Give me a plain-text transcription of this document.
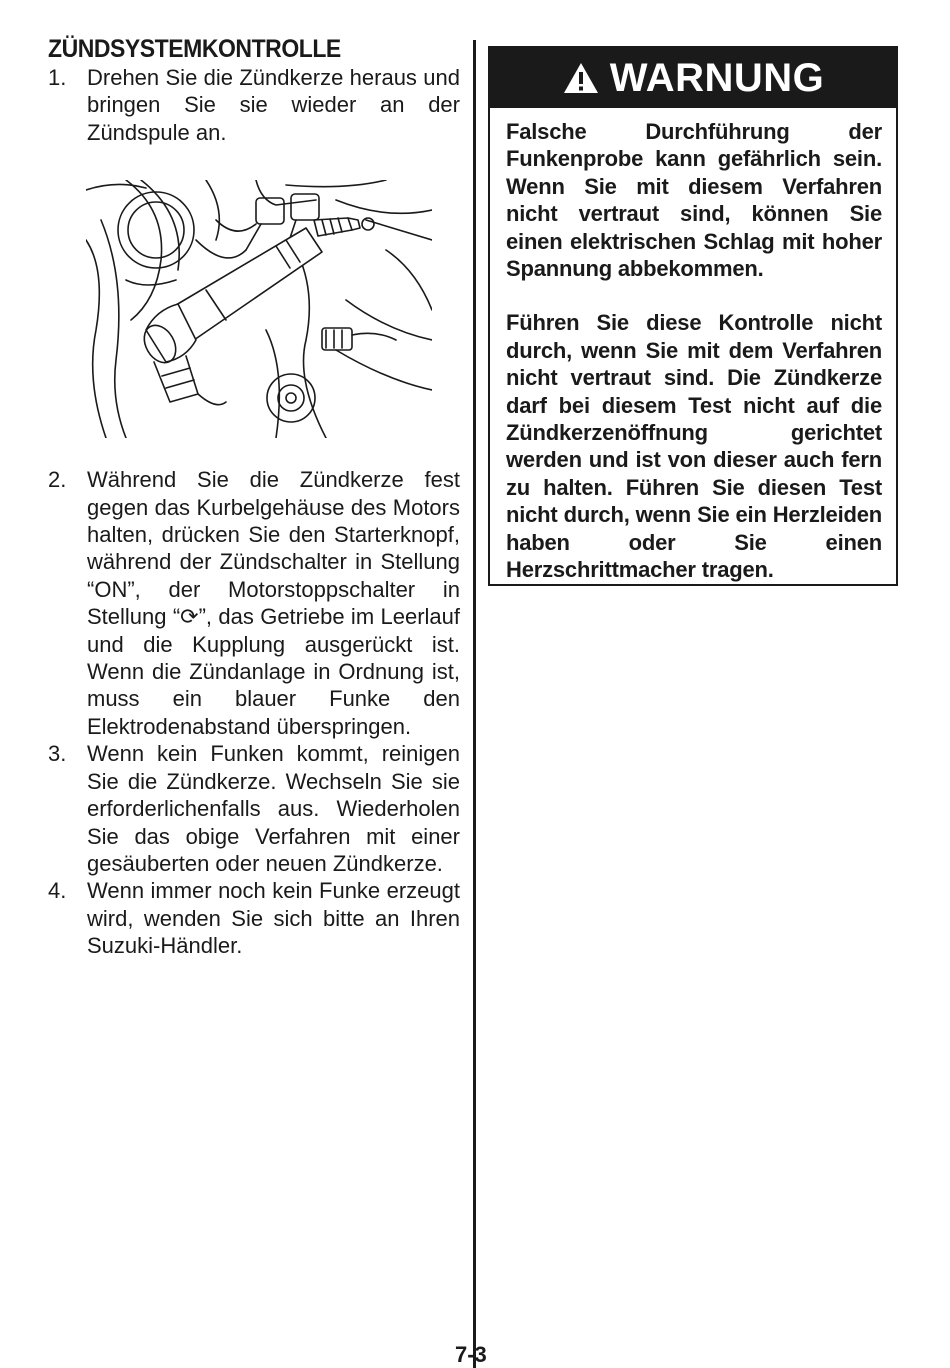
ZÜNDSYSTEMKONTROLLE
1. Drehen Sie die Zündkerze heraus und bringen Sie sie wieder an der Zündspule an.
2. Während Sie die Zündkerze fest gegen das Kurbelgehäuse des Motors halten, drücken Sie den Starterknopf, während der Zündschalter in Stellung “ON”, der Motorstoppschalter in Stellung “⟳”, das Getriebe im Leerlauf und die Kupplung ausgerückt ist. Wenn die Zündanlage in Ordnung ist, muss ein blauer Funke den Elektrodenabstand überspringen.
3. Wenn kein Funken kommt, reinigen Sie die Zündkerze. Wechseln Sie sie erforderlichenfalls aus. Wiederholen Sie das obige Verfahren mit einer gesäuberten oder neuen Zündkerze.
4. Wenn immer noch kein Funke erzeugt wird, wenden Sie sich bitte an Ihren Suzuki-Händler.
WARNUNG

Falsche Durchführung der Funkenprobe kann gefährlich sein. Wenn Sie mit diesem Verfahren nicht vertraut sind, können Sie einen elektrischen Schlag mit hoher Spannung abbekommen.

Führen Sie diese Kontrolle nicht durch, wenn Sie mit dem Verfahren nicht vertraut sind. Die Zündkerze darf bei diesem Test nicht auf die Zündkerzenöffnung gerichtet werden und ist von dieser auch fern zu halten. Führen Sie diesen Test nicht durch, wenn Sie ein Herzleiden haben oder Sie einen Herzschrittmacher tragen.

7-3
